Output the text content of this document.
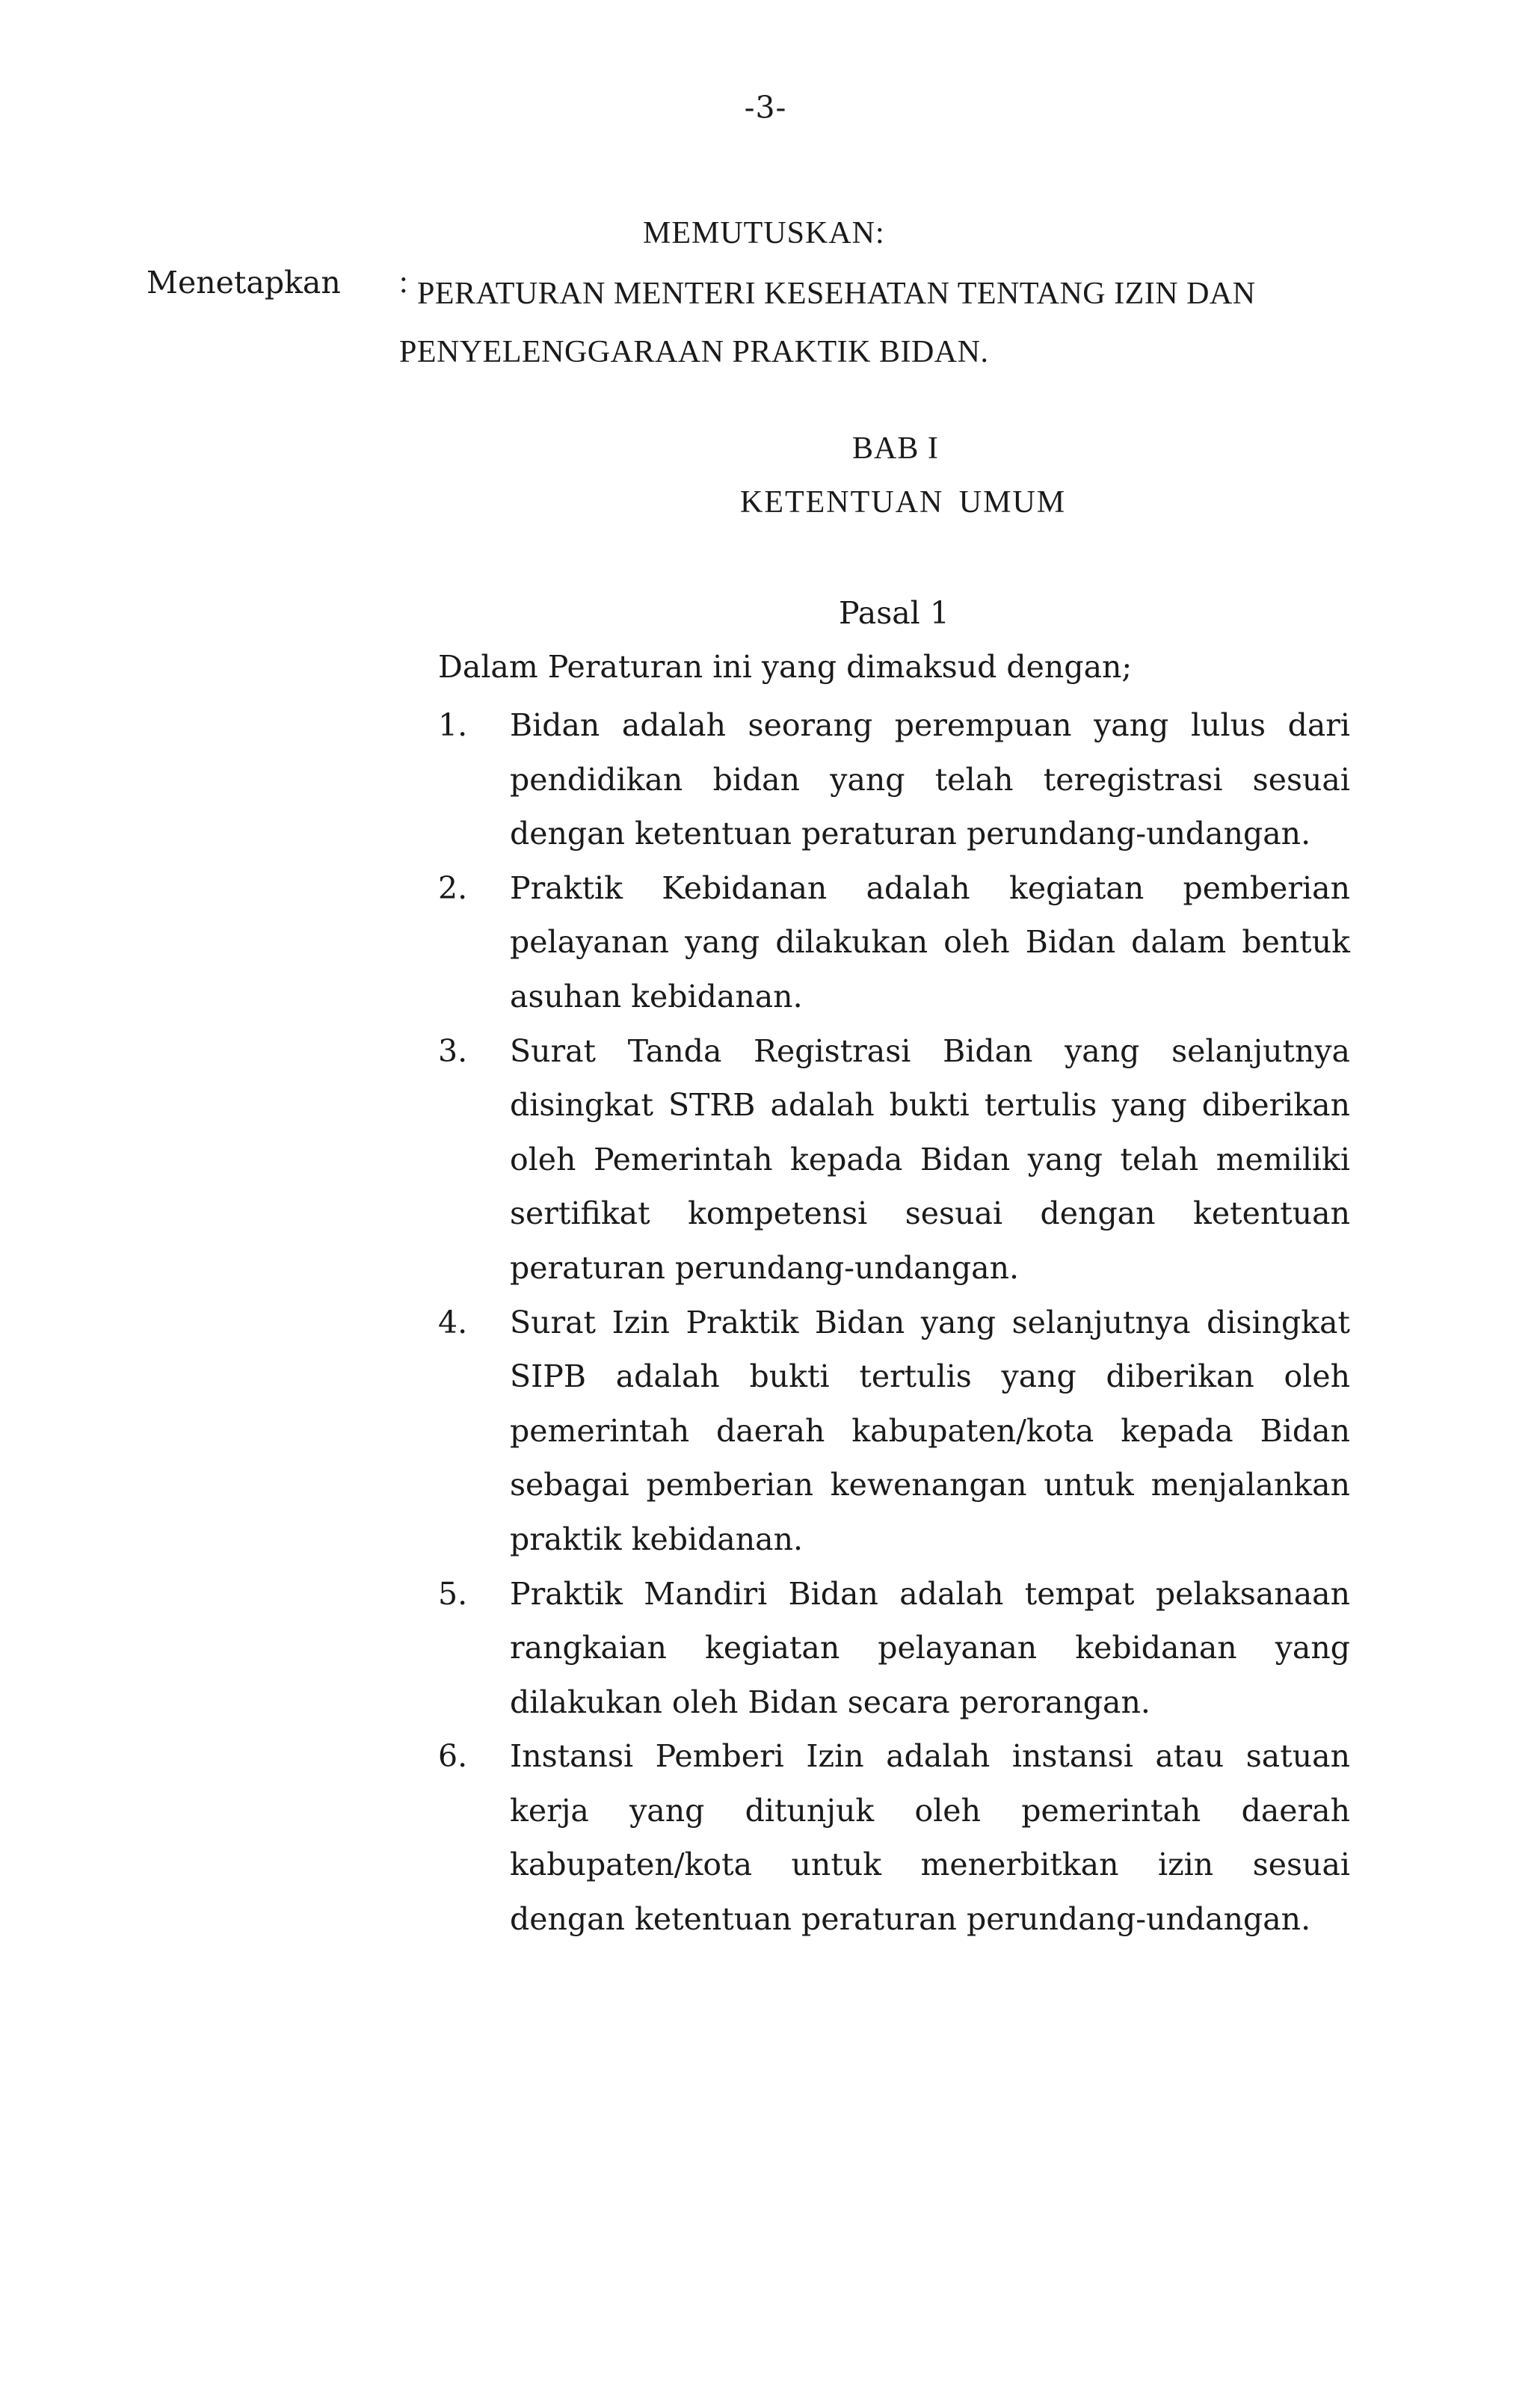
-3-
MEMUTUSKAN:
Menetapkan : PERATURAN MENTERI KESEHATAN TENTANG IZIN DAN PENYELENGGARAAN PRAKTIK BIDAN.
BAB I
KETENTUAN UMUM
Pasal 1
Dalam Peraturan ini yang dimaksud dengan;
1. Bidan adalah seorang perempuan yang lulus dari pendidikan bidan yang telah teregistrasi sesuai dengan ketentuan peraturan perundang-undangan.
2. Praktik Kebidanan adalah kegiatan pemberian pelayanan yang dilakukan oleh Bidan dalam bentuk asuhan kebidanan.
3. Surat Tanda Registrasi Bidan yang selanjutnya disingkat STRB adalah bukti tertulis yang diberikan oleh Pemerintah kepada Bidan yang telah memiliki sertifikat kompetensi sesuai dengan ketentuan peraturan perundang-undangan.
4. Surat Izin Praktik Bidan yang selanjutnya disingkat SIPB adalah bukti tertulis yang diberikan oleh pemerintah daerah kabupaten/kota kepada Bidan sebagai pemberian kewenangan untuk menjalankan praktik kebidanan.
5. Praktik Mandiri Bidan adalah tempat pelaksanaan rangkaian kegiatan pelayanan kebidanan yang dilakukan oleh Bidan secara perorangan.
6. Instansi Pemberi Izin adalah instansi atau satuan kerja yang ditunjuk oleh pemerintah daerah kabupaten/kota untuk menerbitkan izin sesuai dengan ketentuan peraturan perundang-undangan.
